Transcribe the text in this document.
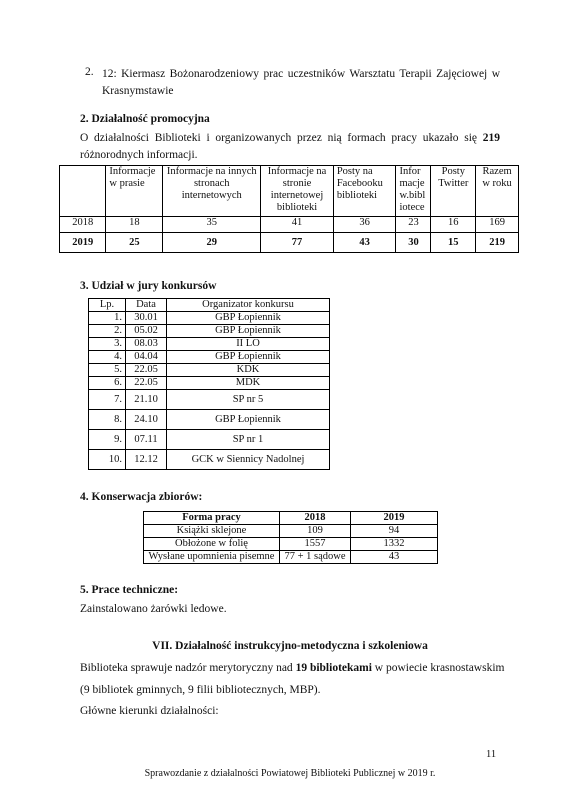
2. 12: Kiermasz Bożonarodzeniowy prac uczestników Warsztatu Terapii Zajęciowej w Krasnymstawie
2. Działalność promocyjna
O działalności Biblioteki i organizowanych przez nią formach pracy ukazało się 219 różnorodnych informacji.
	Informacje w prasie	Informacje na innych stronach internetowych	Informacje na stronie internetowej biblioteki	Posty na Facebooku biblioteki	Infor macje w.bibl iotece	Posty Twitter	Razem w roku
2018	18	35	41	36	23	16	169
2019	25	29	77	43	30	15	219
3. Udział w jury konkursów
Lp.	Data	Organizator konkursu
1.	30.01	GBP Łopiennik
2.	05.02	GBP Łopiennik
3.	08.03	II LO
4.	04.04	GBP Łopiennik
5.	22.05	KDK
6.	22.05	MDK
7.	21.10	SP nr 5
8.	24.10	GBP Łopiennik
9.	07.11	SP nr 1
10.	12.12	GCK w Siennicy Nadolnej
4. Konserwacja zbiorów:
Forma pracy	2018	2019
Książki sklejone	109	94
Obłożone w folię	1557	1332
Wysłane upomnienia pisemne	77 + 1 sądowe	43
5. Prace techniczne:
Zainstalowano żarówki ledowe.
VII. Działalność instrukcyjno-metodyczna i szkoleniowa
Biblioteka sprawuje nadzór merytoryczny nad 19 bibliotekami w powiecie krasnostawskim
(9 bibliotek gminnych, 9 filii bibliotecznych, MBP).
Główne kierunki działalności:
11
Sprawozdanie z działalności Powiatowej Biblioteki Publicznej w 2019 r.
